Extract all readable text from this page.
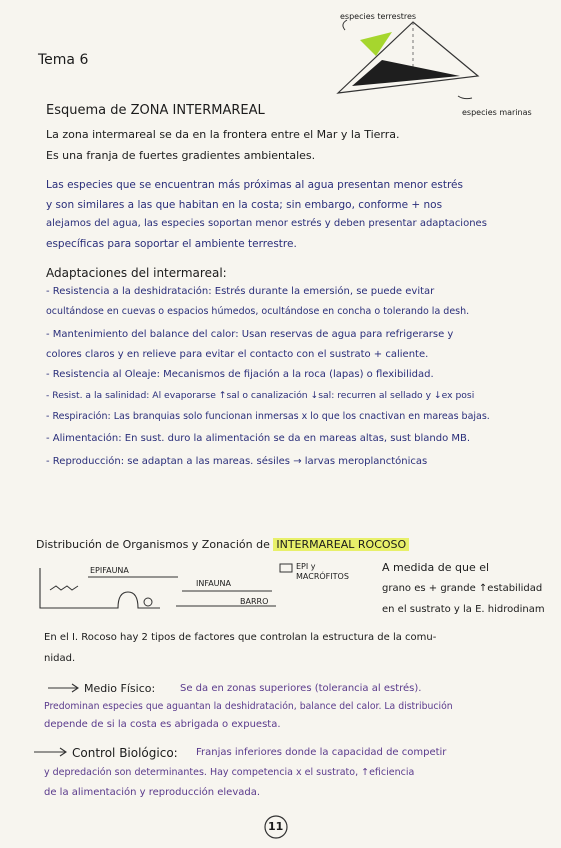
Tema 6
especies terrestres
especies marinas
Esquema de ZONA INTERMAREAL
La zona intermareal se da en la frontera entre el Mar y la Tierra.
Es una franja de fuertes gradientes ambientales.
Las especies que se encuentran más próximas al agua presentan menor estrés
y son similares a las que habitan en la costa; sin embargo, conforme + nos
alejamos del agua, las especies soportan menor estrés y deben presentar adaptaciones
específicas para soportar el ambiente terrestre.
Adaptaciones del intermareal:
- Resistencia a la deshidratación: Estrés durante la emersión, se puede evitar
ocultándose en cuevas o espacios húmedos, ocultándose en concha o tolerando la desh.
- Mantenimiento del balance del calor: Usan reservas de agua para refrigerarse y
colores claros y en relieve para evitar el contacto con el sustrato + caliente.
- Resistencia al Oleaje: Mecanismos de fijación a la roca (lapas) o flexibilidad.
- Resist. a la salinidad: Al evaporarse ↑sal o canalización ↓sal: recurren al sellado y ↓ex posi
- Respiración: Las branquias solo funcionan inmersas x lo que los cnactivan en mareas bajas.
- Alimentación: En sust. duro la alimentación se da en mareas altas, sust blando MB.
- Reproducción: se adaptan a las mareas. sésiles → larvas meroplanctónicas
Distribución de Organismos y Zonación de INTERMAREAL ROCOSO
EPIFAUNA
INFAUNA
EPI y MACRÓFITOS
BARRO
A medida de que el
grano es + grande ↑estabilidad
en el sustrato y la E. hidrodinam
En el I. Rocoso hay 2 tipos de factores que controlan la estructura de la comu-
nidad.
Medio Físico: Se da en zonas superiores (tolerancia al estrés).
Predominan especies que aguantan la deshidratación, balance del calor. La distribución
depende de si la costa es abrigada o expuesta.
Control Biológico: Franjas inferiores donde la capacidad de competir
y depredación son determinantes. Hay competencia x el sustrato, ↑eficiencia
de la alimentación y reproducción elevada.
11
